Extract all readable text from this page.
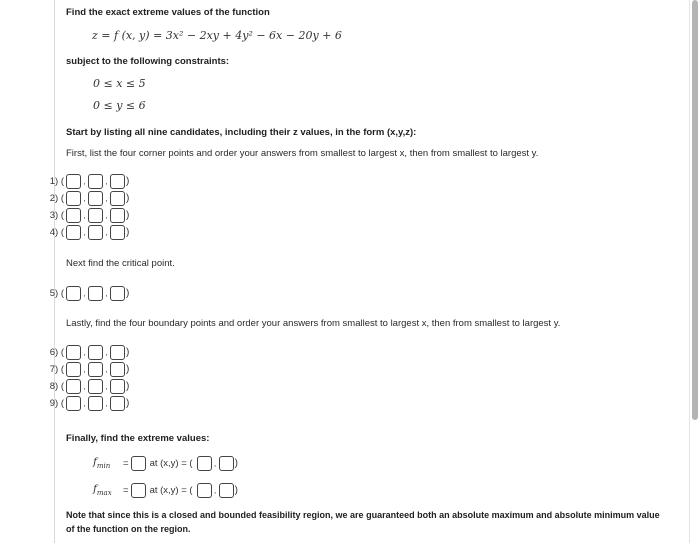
Find the exact extreme values of the function
z = f (x, y) = 3x² − 2xy + 4y² − 6x − 20y + 6
subject to the following constraints:
0 ≤ x ≤ 5
0 ≤ y ≤ 6
Start by listing all nine candidates, including their z values, in the form (x,y,z):
First, list the four corner points and order your answers from smallest to largest x, then from smallest to largest y.
1) ( , , )
2) ( , , )
3) ( , , )
4) ( , , )
Next find the critical point.
5) ( , , )
Lastly, find the four boundary points and order your answers from smallest to largest x, then from smallest to largest y.
6) ( , , )
7) ( , , )
8) ( , , )
9) ( , , )
Finally, find the extreme values:
$f_{min}$	= at (x,y) = (	, )
$f_{max}$	= at (x,y) = (	, )
Note that since this is a closed and bounded feasibility region, we are guaranteed both an absolute maximum and absolute minimum value
of the function on the region.
